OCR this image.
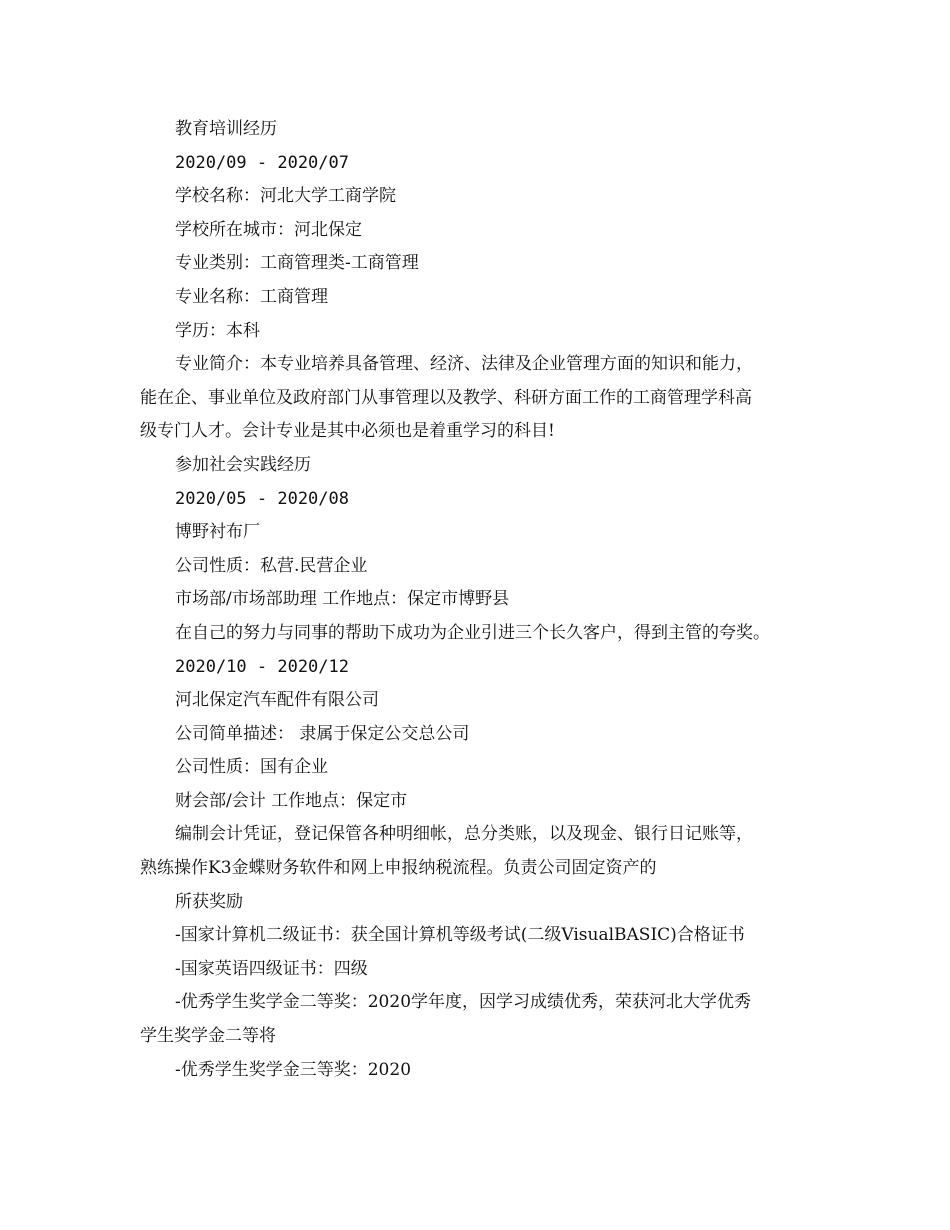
教育培训经历
2020/09 - 2020/07
学校名称：河北大学工商学院
学校所在城市：河北保定
专业类别：工商管理类-工商管理
专业名称：工商管理
学历：本科
专业简介：本专业培养具备管理、经济、法律及企业管理方面的知识和能力，
能在企、事业单位及政府部门从事管理以及教学、科研方面工作的工商管理学科高
级专门人才。会计专业是其中必须也是着重学习的科目!
参加社会实践经历
2020/05 - 2020/08
博野衬布厂
公司性质：私营.民营企业
市场部/市场部助理 工作地点：保定市博野县
在自己的努力与同事的帮助下成功为企业引进三个长久客户，得到主管的夸奖。
2020/10 - 2020/12
河北保定汽车配件有限公司
公司简单描述： 隶属于保定公交总公司
公司性质：国有企业
财会部/会计 工作地点：保定市
编制会计凭证，登记保管各种明细帐，总分类账，以及现金、银行日记账等，
熟练操作K3金蝶财务软件和网上申报纳税流程。负责公司固定资产的
所获奖励
-国家计算机二级证书：获全国计算机等级考试(二级VisualBASIC)合格证书
-国家英语四级证书：四级
-优秀学生奖学金二等奖：2020学年度，因学习成绩优秀，荣获河北大学优秀
学生奖学金二等将
-优秀学生奖学金三等奖：2020
